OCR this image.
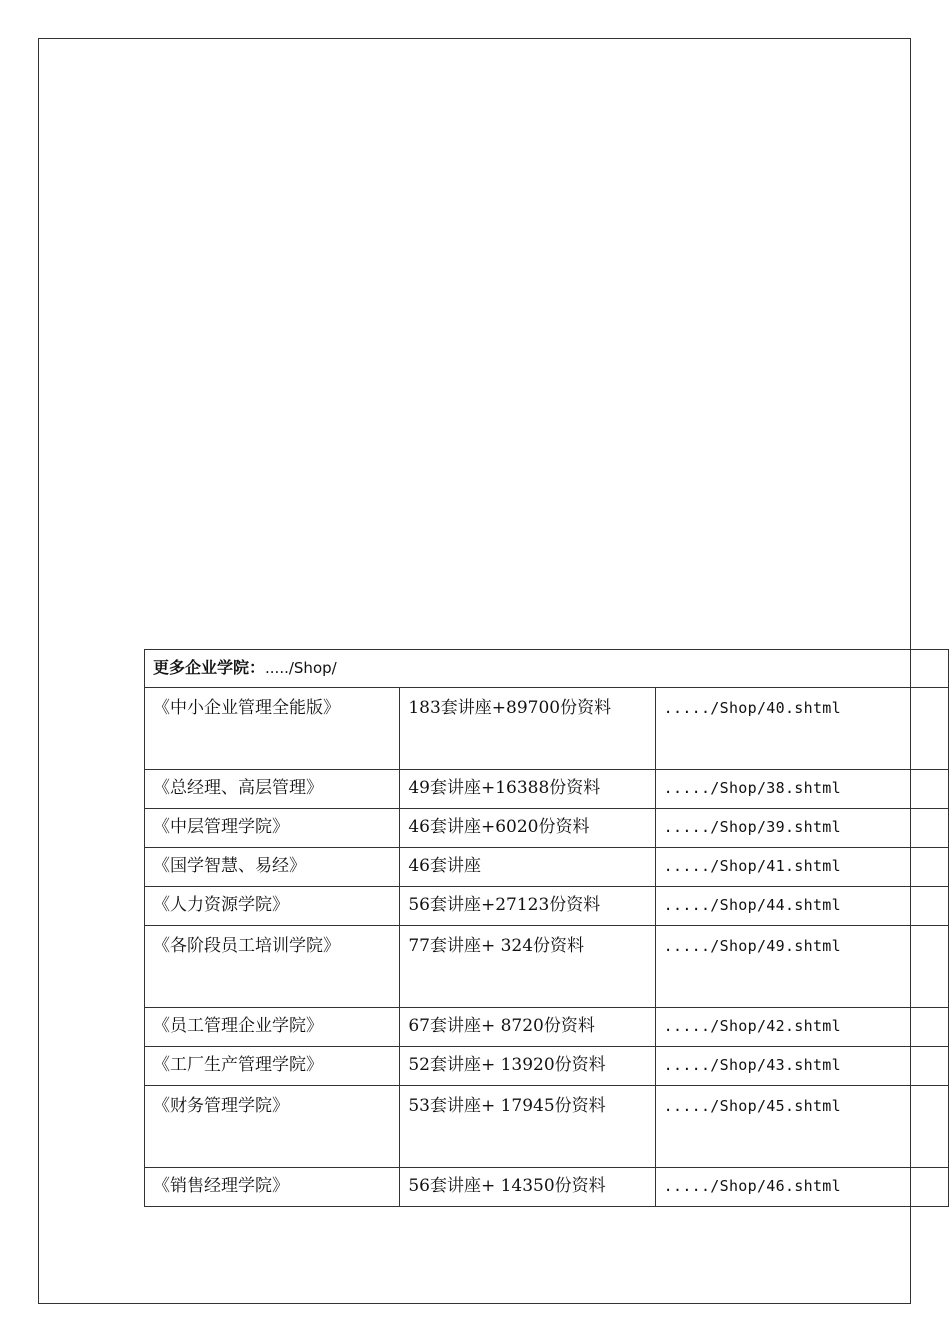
更多企业学院：...../Shop/			
《中小企业管理全能版》	183套讲座+89700份资料	...../Shop/40.shtml	
《总经理、高层管理》	49套讲座+16388份资料	...../Shop/38.shtml	
《中层管理学院》	46套讲座+6020份资料	...../Shop/39.shtml	
《国学智慧、易经》	46套讲座	...../Shop/41.shtml	
《人力资源学院》	56套讲座+27123份资料	...../Shop/44.shtml	
《各阶段员工培训学院》	77套讲座+ 324份资料	...../Shop/49.shtml	
《员工管理企业学院》	67套讲座+ 8720份资料	...../Shop/42.shtml	
《工厂生产管理学院》	52套讲座+ 13920份资料	...../Shop/43.shtml	
《财务管理学院》	53套讲座+ 17945份资料	...../Shop/45.shtml	
《销售经理学院》	56套讲座+ 14350份资料	...../Shop/46.shtml	
